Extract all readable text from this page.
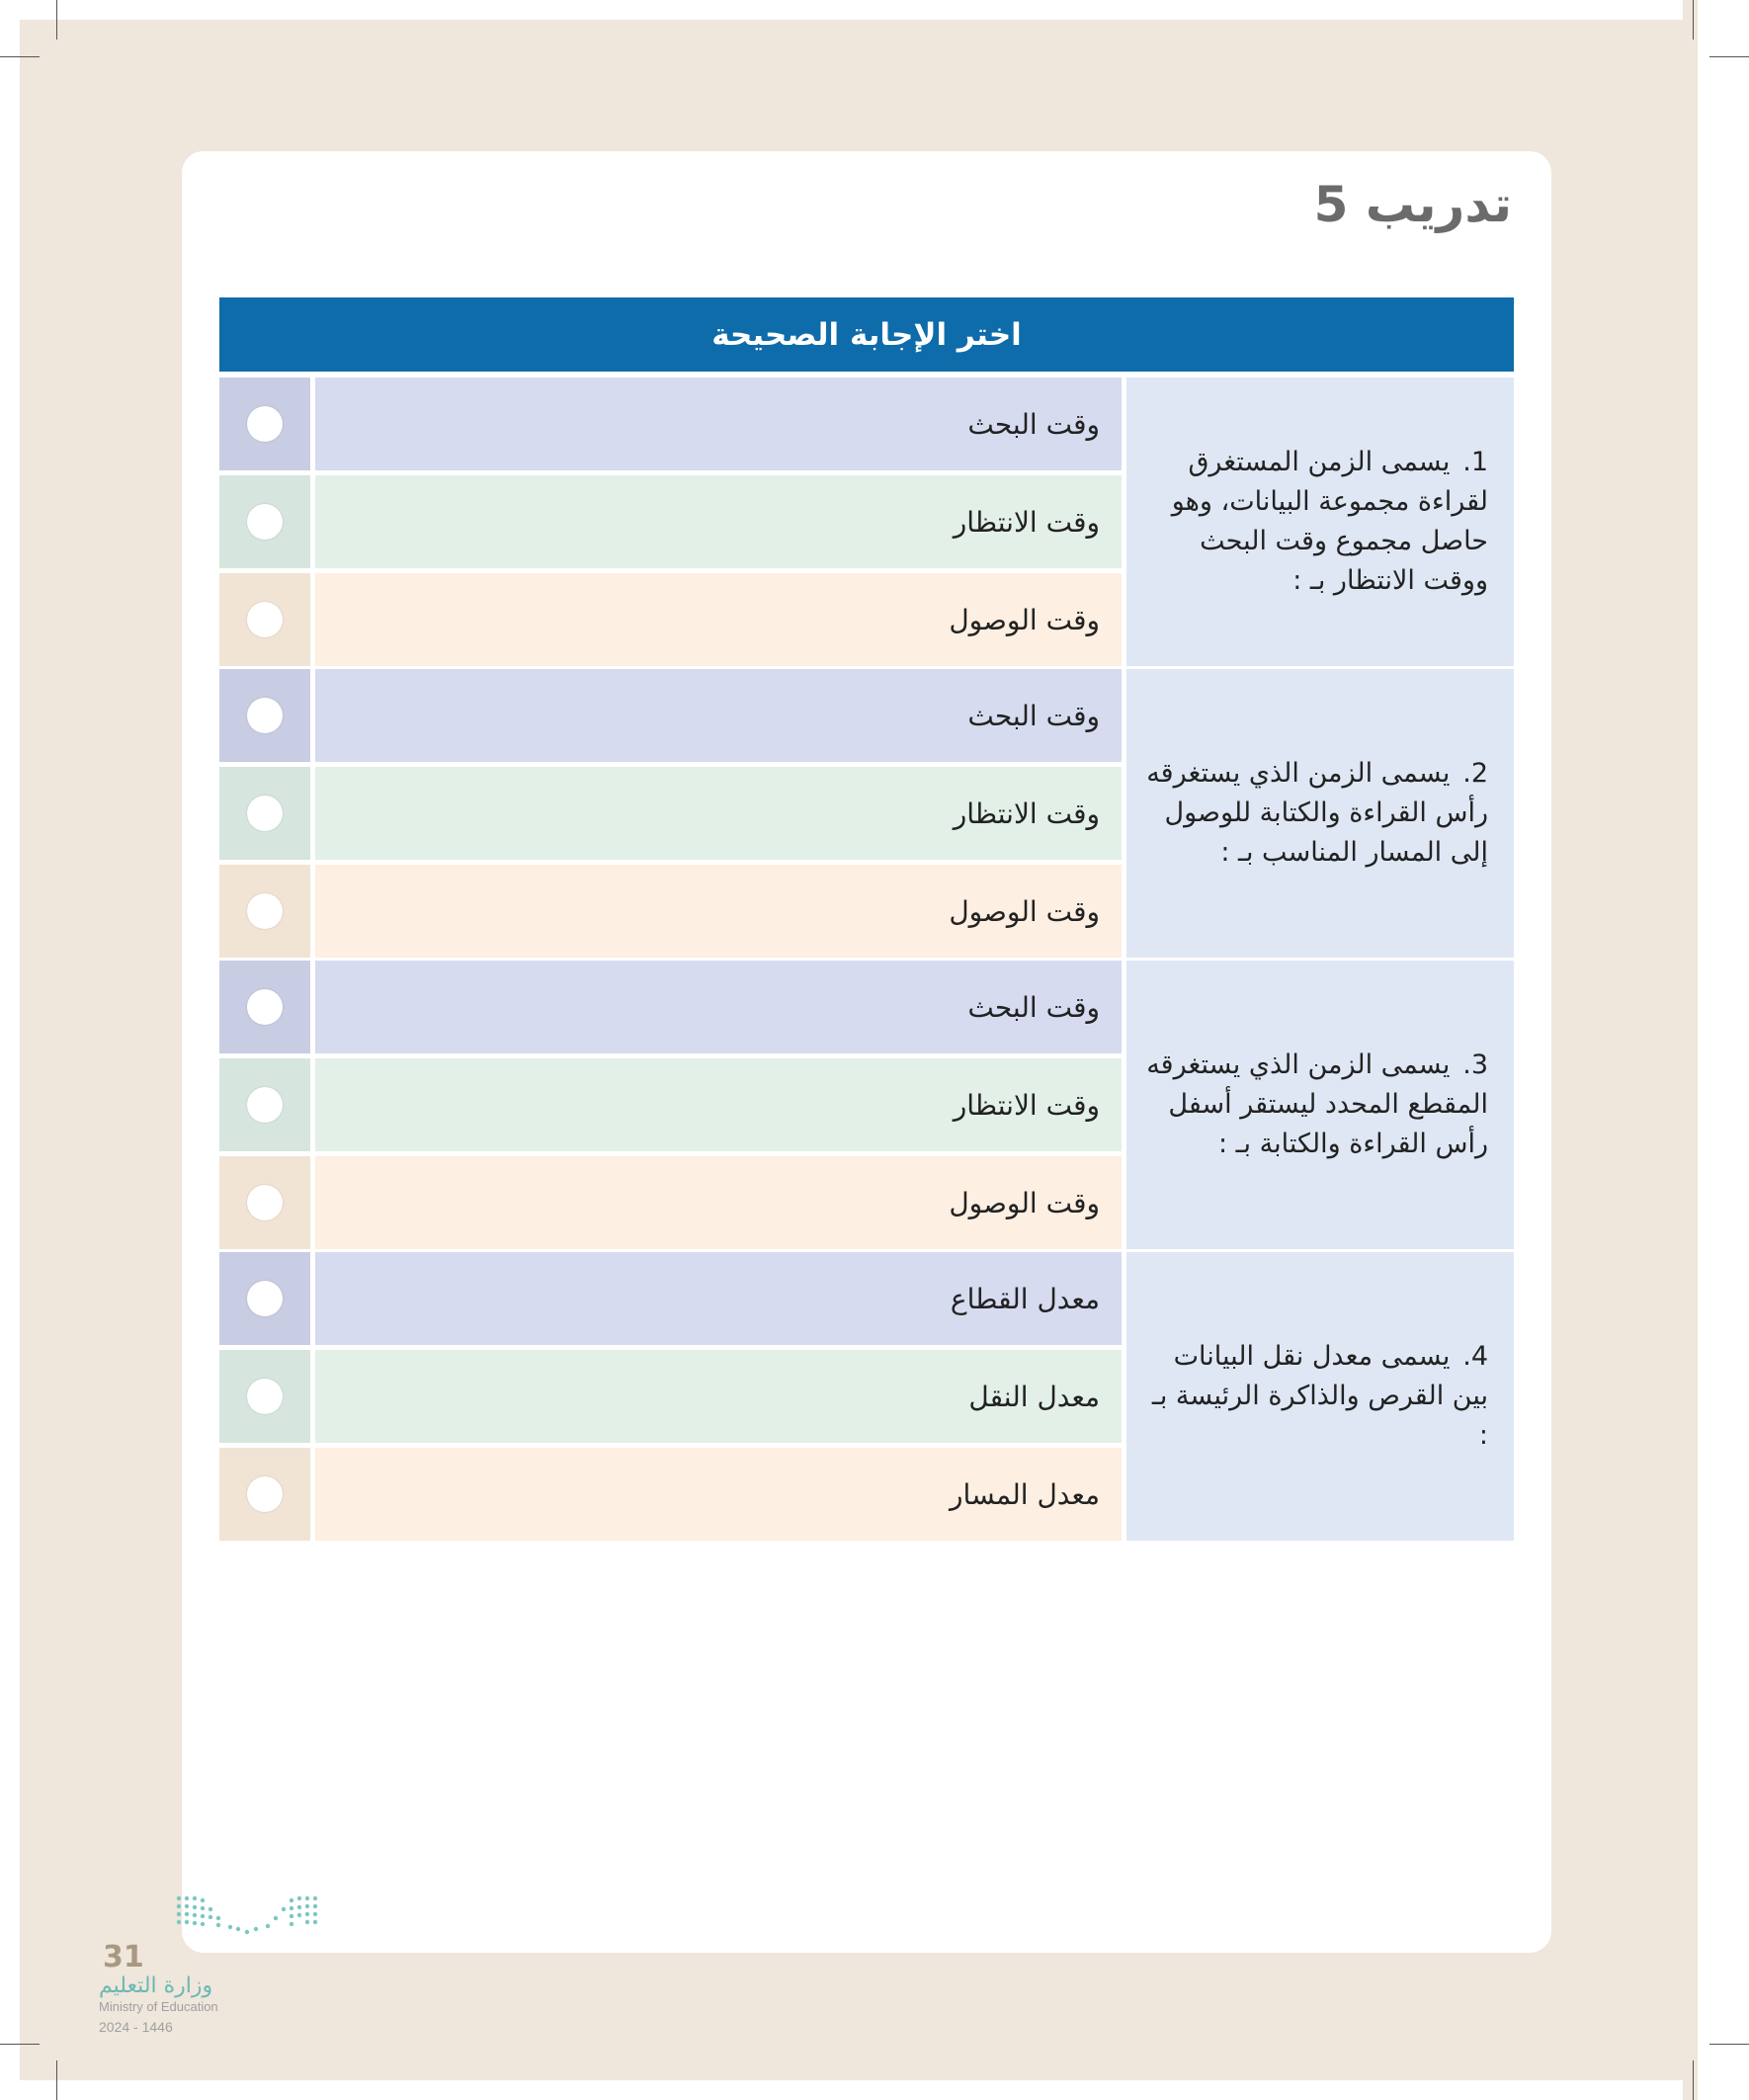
تدريب 5
اختر الإجابة الصحيحة
1. يسمى الزمن المستغرق لقراءة مجموعة البيانات، وهو حاصل مجموع وقت البحث ووقت الانتظار بـ :
وقت البحث
وقت الانتظار
وقت الوصول
2. يسمى الزمن الذي يستغرقه رأس القراءة والكتابة للوصول إلى المسار المناسب بـ :
وقت البحث
وقت الانتظار
وقت الوصول
3. يسمى الزمن الذي يستغرقه المقطع المحدد ليستقر أسفل رأس القراءة والكتابة بـ :
وقت البحث
وقت الانتظار
وقت الوصول
4. يسمى معدل نقل البيانات بين القرص والذاكرة الرئيسة بـ :
معدل القطاع
معدل النقل
معدل المسار
31
وزارة التعليم
Ministry of Education
2024 - 1446
